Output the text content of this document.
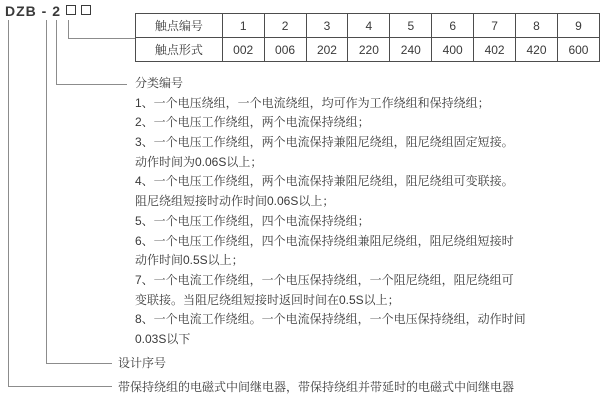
DZB - 2
触点编号	1	2	3	4	5	6	7	8	9
触点形式	002	006	202	220	240	400	402	420	600
分类编号
1、一个电压绕组，一个电流绕组，均可作为工作绕组和保持绕组；
2、一个电压工作绕组，两个电流保持绕组；
3、一个电压工作绕组，两个电流保持兼阻尼绕组，阻尼绕组固定短接。
动作时间为0.06S以上；
4、一个电压工作绕组，两个电流保持兼阻尼绕组，阻尼绕组可变联接。
阻尼绕组短接时动作时间0.06S以上；
5、一个电压工作绕组，四个电流保持绕组；
6、一个电压工作绕组，四个电流保持绕组兼阻尼绕组，阻尼绕组短接时
动作时间0.5S以上；
7、一个电流工作绕组，一个电压保持绕组，一个阻尼绕组，阻尼绕组可
变联接。当阻尼绕组短接时返回时间在0.5S以上；
8、一个电流工作绕组。一个电流保持绕组，一个电压保持绕组，动作时间
0.03S以下
设计序号
带保持绕组的电磁式中间继电器，带保持绕组并带延时的电磁式中间继电器
